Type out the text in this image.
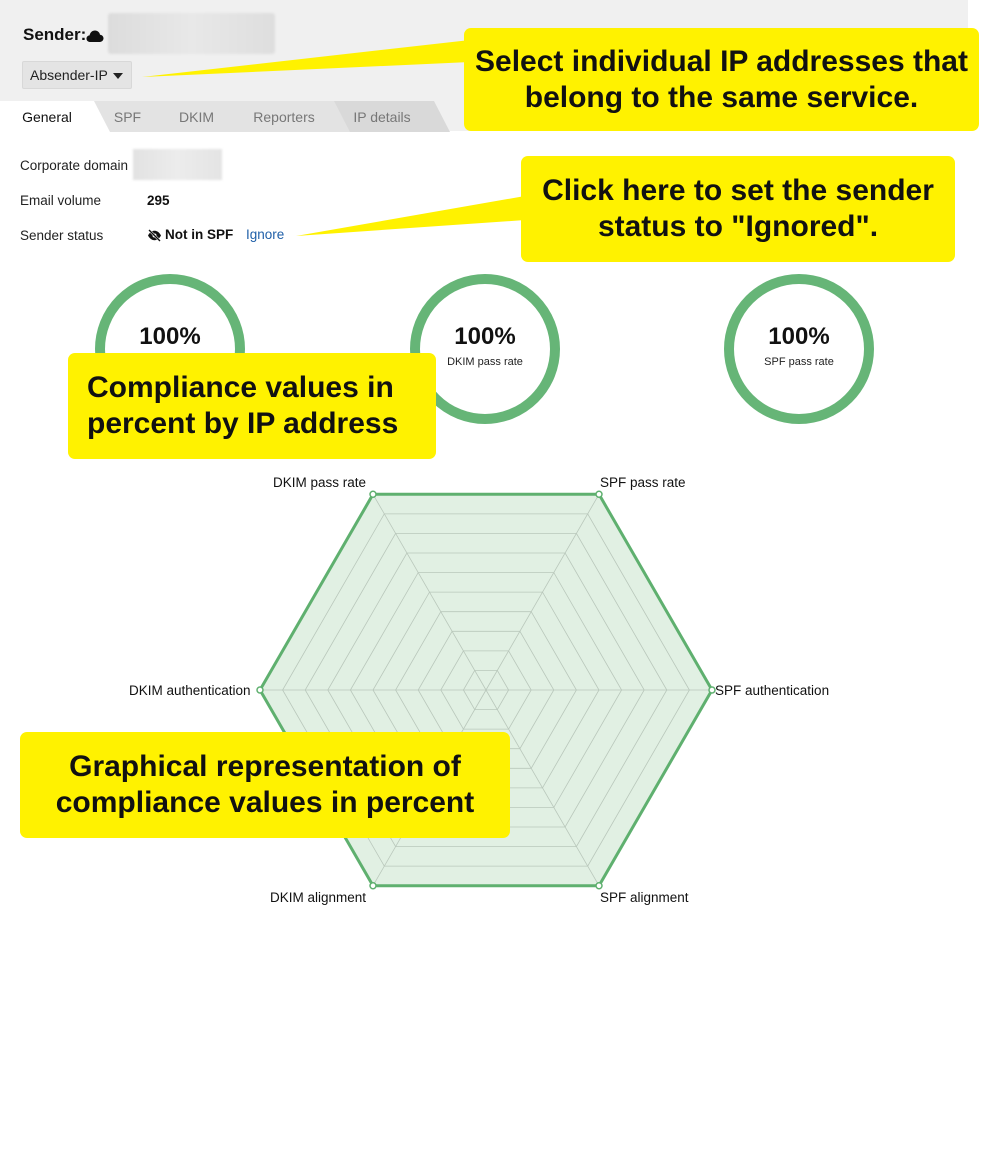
Sender:
Absender-IP
IP details
Reporters
DKIM
SPF
General
Corporate domain
Email volume	295
Sender status	Not in SPF Ignore
100%	100%
DKIM pass rate
100%
SPF pass rate
DKIM pass rate	SPF pass rate
SPF authentication
SPF alignment
DKIM alignment
DKIM authentication
Select individual IP addresses that belong to the same service.
Click here to set the sender status to "Ignored".
Compliance values in percent by IP address
Graphical representation of compliance values in percent
